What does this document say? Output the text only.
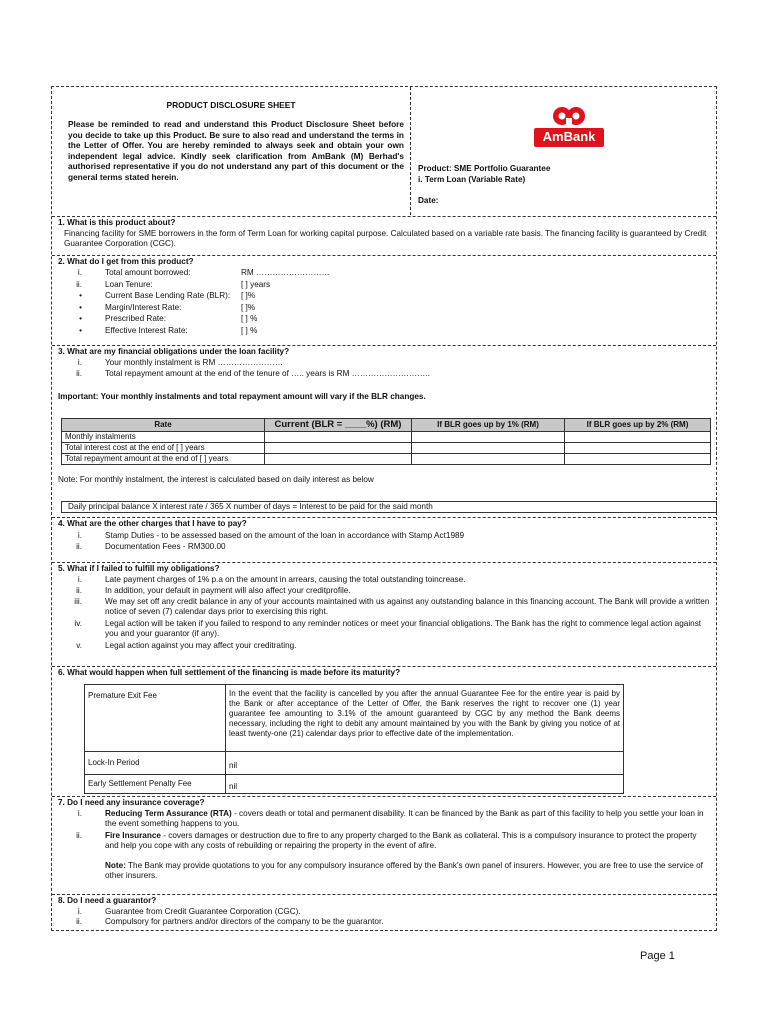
PRODUCT DISCLOSURE SHEET
Please be reminded to read and understand this Product Disclosure Sheet before you decide to take up this Product. Be sure to also read and understand the terms in the Letter of Offer. You are hereby reminded to always seek and obtain your own independent legal advice. Kindly seek clarification from AmBank (M) Berhad's authorised representative if you do not understand any part of this document or the general terms stated herein.
AmBank
Product: SME Portfolio Guarantee
i. Term Loan (Variable Rate)
Date:
1. What is this product about?
Financing facility for SME borrowers in the form of Term Loan for working capital purpose. Calculated based on a variable rate basis. The financing facility is guaranteed by Credit Guarantee Corporation (CGC).
2. What do I get from this product?
i.	Total amount borrowed:	RM ………………………
ii.	Loan Tenure:	[ ] years
•	Current Base Lending Rate (BLR): [ ]%
•	Margin/Interest Rate:	[ ]%
•	Prescribed Rate:	[ ] %
•	Effective Interest Rate:	[ ] %
3. What are my financial obligations under the loan facility?
i.	Your monthly instalment is RM ……………………
ii.	Total repayment amount at the end of the tenure of ….. years is RM ………………………..
Important: Your monthly instalments and total repayment amount will vary if the BLR changes.
Rate	Current (BLR = ____%) (RM)	If BLR goes up by 1% (RM)	If BLR goes up by 2% (RM)
Monthly instalments			
Total interest cost at the end of [ ] years			
Total repayment amount at the end of [ ] years			
Note: For monthly instalment, the interest is calculated based on daily interest as below
Daily principal balance X interest rate / 365 X number of days = Interest to be paid for the said month
4. What are the other charges that I have to pay?
i.	Stamp Duties - to be assessed based on the amount of the loan in accordance with Stamp Act1989
ii.	Documentation Fees - RM300.00
5. What if I failed to fulfill my obligations?
i.	Late payment charges of 1% p.a on the amount in arrears, causing the total outstanding toincrease.
ii.	In addition, your default in payment will also affect your creditprofile.
iii.	We may set off any credit balance in any of your accounts maintained with us against any outstanding balance in this financing account. The Bank will provide a written notice of seven (7) calendar days prior to exercising this right.
iv.	Legal action will be taken if you failed to respond to any reminder notices or meet your financial obligations. The Bank has the right to commence legal action against you and your guarantor (if any).
v.	Legal action against you may affect your creditrating.
6. What would happen when full settlement of the financing is made before its maturity?
Premature Exit Fee	In the event that the facility is cancelled by you after the annual Guarantee Fee for the entire year is paid by the Bank or after acceptance of the Letter of Offer, the Bank reserves the right to recover one (1) year guarantee fee amounting to 3.1% of the amount guaranteed by CGC by any method the Bank deems necessary, including the right to debit any amount maintained by you with the Bank by giving you notice of at least twenty-one (21) calendar days prior to effective date of the implementation.
Lock-In Period	nil
Early Settlement Penalty Fee	nil
7. Do I need any insurance coverage?
i.	Reducing Term Assurance (RTA) - covers death or total and permanent disability. It can be financed by the Bank as part of this facility to help you settle your loan in the event something happens to you.
ii.	Fire Insurance - covers damages or destruction due to fire to any property charged to the Bank as collateral. This is a compulsory insurance to protect the property and help you cope with any costs of rebuilding or repairing the property in the event of afire.
Note: The Bank may provide quotations to you for any compulsory insurance offered by the Bank's own panel of insurers. However, you are free to use the service of other insurers.
8. Do I need a guarantor?
i.	Guarantee from Credit Guarantee Corporation (CGC).
ii.	Compulsory for partners and/or directors of the company to be the guarantor.
Page 1
